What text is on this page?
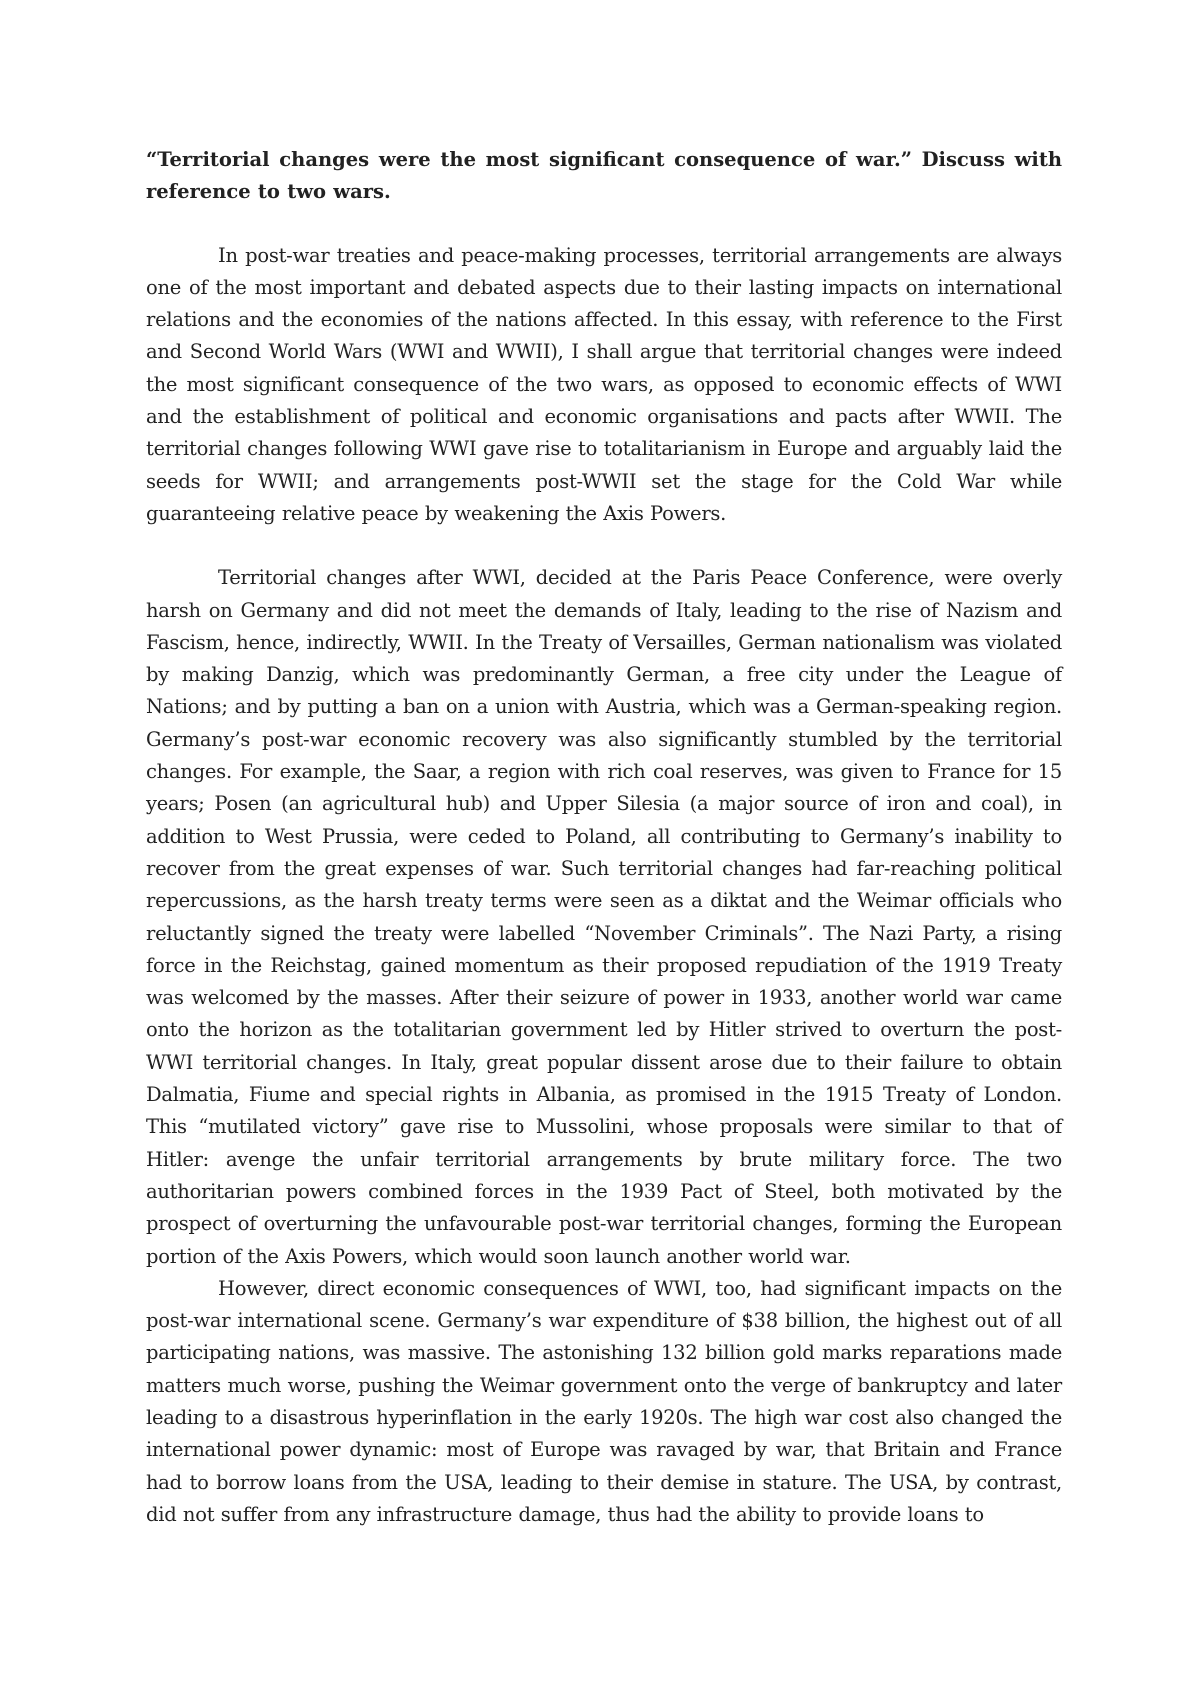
“Territorial changes were the most significant consequence of war.” Discuss with reference to two wars.

In post-war treaties and peace-making processes, territorial arrangements are always one of the most important and debated aspects due to their lasting impacts on international relations and the economies of the nations affected. In this essay, with reference to the First and Second World Wars (WWI and WWII), I shall argue that territorial changes were indeed the most significant consequence of the two wars, as opposed to economic effects of WWI and the establishment of political and economic organisations and pacts after WWII. The territorial changes following WWI gave rise to totalitarianism in Europe and arguably laid the seeds for WWII; and arrangements post-WWII set the stage for the Cold War while guaranteeing relative peace by weakening the Axis Powers.

Territorial changes after WWI, decided at the Paris Peace Conference, were overly harsh on Germany and did not meet the demands of Italy, leading to the rise of Nazism and Fascism, hence, indirectly, WWII. In the Treaty of Versailles, German nationalism was violated by making Danzig, which was predominantly German, a free city under the League of Nations; and by putting a ban on a union with Austria, which was a German-speaking region. Germany’s post-war economic recovery was also significantly stumbled by the territorial changes. For example, the Saar, a region with rich coal reserves, was given to France for 15 years; Posen (an agricultural hub) and Upper Silesia (a major source of iron and coal), in addition to West Prussia, were ceded to Poland, all contributing to Germany’s inability to recover from the great expenses of war. Such territorial changes had far-reaching political repercussions, as the harsh treaty terms were seen as a diktat and the Weimar officials who reluctantly signed the treaty were labelled “November Criminals”. The Nazi Party, a rising force in the Reichstag, gained momentum as their proposed repudiation of the 1919 Treaty was welcomed by the masses. After their seizure of power in 1933, another world war came onto the horizon as the totalitarian government led by Hitler strived to overturn the post-WWI territorial changes. In Italy, great popular dissent arose due to their failure to obtain Dalmatia, Fiume and special rights in Albania, as promised in the 1915 Treaty of London. This “mutilated victory” gave rise to Mussolini, whose proposals were similar to that of Hitler: avenge the unfair territorial arrangements by brute military force. The two authoritarian powers combined forces in the 1939 Pact of Steel, both motivated by the prospect of overturning the unfavourable post-war territorial changes, forming the European portion of the Axis Powers, which would soon launch another world war.

However, direct economic consequences of WWI, too, had significant impacts on the post-war international scene. Germany’s war expenditure of $38 billion, the highest out of all participating nations, was massive. The astonishing 132 billion gold marks reparations made matters much worse, pushing the Weimar government onto the verge of bankruptcy and later leading to a disastrous hyperinflation in the early 1920s. The high war cost also changed the international power dynamic: most of Europe was ravaged by war, that Britain and France had to borrow loans from the USA, leading to their demise in stature. The USA, by contrast, did not suffer from any infrastructure damage, thus had the ability to provide loans to
